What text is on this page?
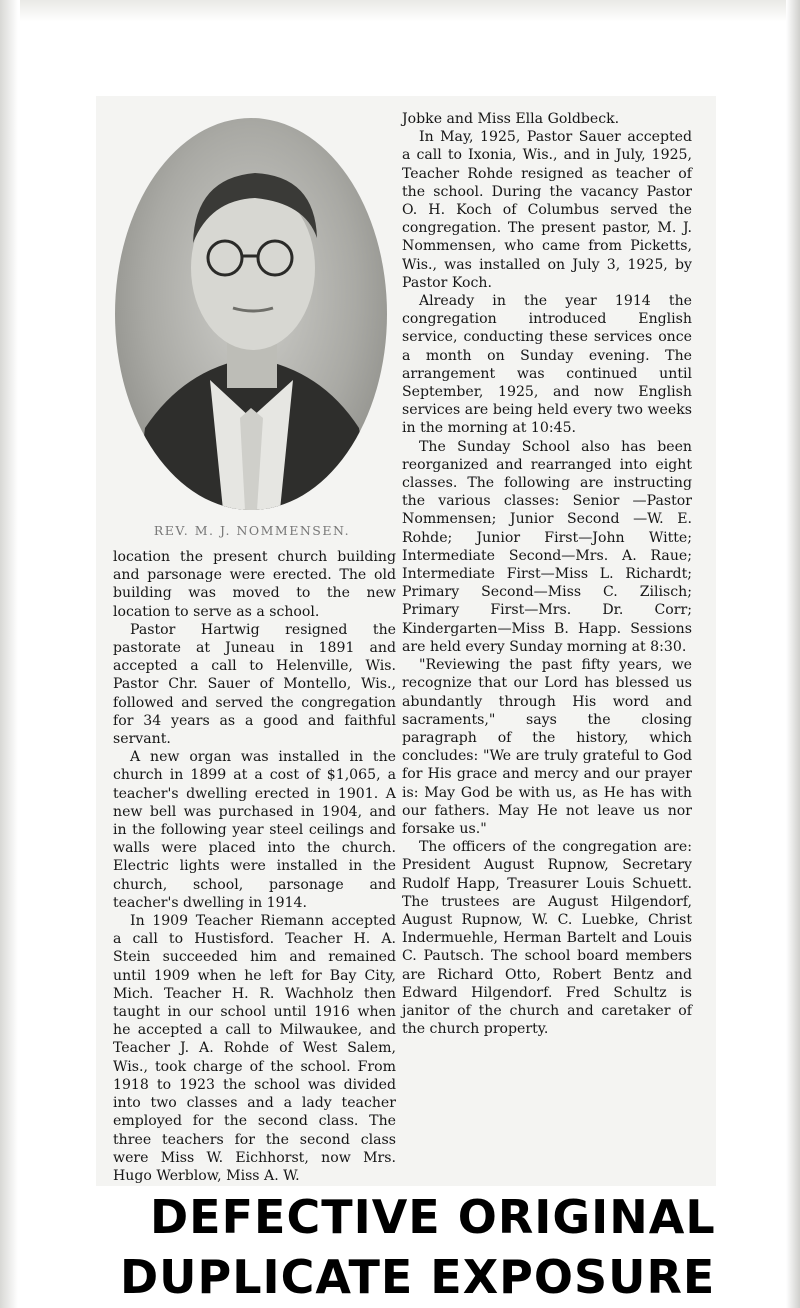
REV. M. J. NOMMENSEN.

location the present church building and parsonage were erected. The old building was moved to the new location to serve as a school.

Pastor Hartwig resigned the pastorate at Juneau in 1891 and accepted a call to Helenville, Wis. Pastor Chr. Sauer of Montello, Wis., followed and served the congregation for 34 years as a good and faithful servant.

A new organ was installed in the church in 1899 at a cost of $1,065, a teacher's dwelling erected in 1901. A new bell was purchased in 1904, and in the following year steel ceilings and walls were placed into the church. Electric lights were installed in the church, school, parsonage and teacher's dwelling in 1914.

In 1909 Teacher Riemann accepted a call to Hustisford. Teacher H. A. Stein succeeded him and remained until 1909 when he left for Bay City, Mich. Teacher H. R. Wachholz then taught in our school until 1916 when he accepted a call to Milwaukee, and Teacher J. A. Rohde of West Salem, Wis., took charge of the school. From 1918 to 1923 the school was divided into two classes and a lady teacher employed for the second class. The three teachers for the second class were Miss W. Eichhorst, now Mrs. Hugo Werblow, Miss A. W.

Jobke and Miss Ella Goldbeck.

In May, 1925, Pastor Sauer accepted a call to Ixonia, Wis., and in July, 1925, Teacher Rohde resigned as teacher of the school. During the vacancy Pastor O. H. Koch of Columbus served the congregation. The present pastor, M. J. Nommensen, who came from Picketts, Wis., was installed on July 3, 1925, by Pastor Koch.

Already in the year 1914 the congregation introduced English service, conducting these services once a month on Sunday evening. The arrangement was continued until September, 1925, and now English services are being held every two weeks in the morning at 10:45.

The Sunday School also has been reorganized and rearranged into eight classes. The following are instructing the various classes: Senior —Pastor Nommensen; Junior Second —W. E. Rohde; Junior First—John Witte; Intermediate Second—Mrs. A. Raue; Intermediate First—Miss L. Richardt; Primary Second—Miss C. Zilisch; Primary First—Mrs. Dr. Corr; Kindergarten—Miss B. Happ. Sessions are held every Sunday morning at 8:30.

"Reviewing the past fifty years, we recognize that our Lord has blessed us abundantly through His word and sacraments," says the closing paragraph of the history, which concludes: "We are truly grateful to God for His grace and mercy and our prayer is: May God be with us, as He has with our fathers. May He not leave us nor forsake us."

The officers of the congregation are: President August Rupnow, Secretary Rudolf Happ, Treasurer Louis Schuett. The trustees are August Hilgendorf, August Rupnow, W. C. Luebke, Christ Indermuehle, Herman Bartelt and Louis C. Pautsch. The school board members are Richard Otto, Robert Bentz and Edward Hilgendorf. Fred Schultz is janitor of the church and caretaker of the church property.

DEFECTIVE ORIGINAL
DUPLICATE EXPOSURE
